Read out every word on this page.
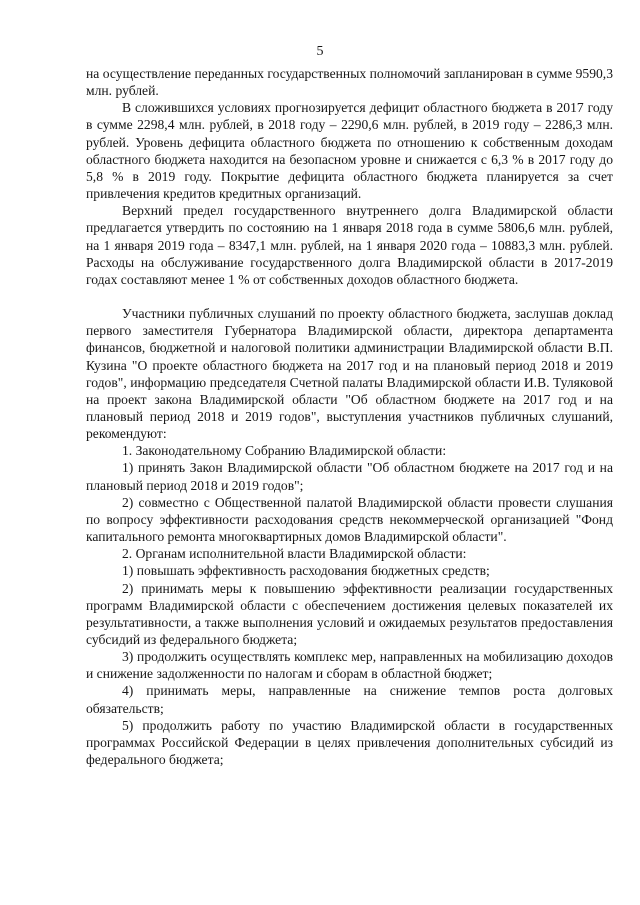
5

на осуществление переданных государственных полномочий запланирован в сумме 9590,3 млн. рублей.

В сложившихся условиях прогнозируется дефицит областного бюджета в 2017 году в сумме 2298,4 млн. рублей, в 2018 году – 2290,6 млн. рублей, в 2019 году – 2286,3 млн. рублей. Уровень дефицита областного бюджета по отношению к собственным доходам областного бюджета находится на безопасном уровне и снижается с 6,3 % в 2017 году до 5,8 % в 2019 году. Покрытие дефицита областного бюджета планируется за счет привлечения кредитов кредитных организаций.

Верхний предел государственного внутреннего долга Владимирской области предлагается утвердить по состоянию на 1 января 2018 года в сумме 5806,6 млн. рублей, на 1 января 2019 года – 8347,1 млн. рублей, на 1 января 2020 года – 10883,3 млн. рублей. Расходы на обслуживание государственного долга Владимирской области в 2017-2019 годах составляют менее 1 % от собственных доходов областного бюджета.

Участники публичных слушаний по проекту областного бюджета, заслушав доклад первого заместителя Губернатора Владимирской области, директора департамента финансов, бюджетной и налоговой политики администрации Владимирской области В.П. Кузина "О проекте областного бюджета на 2017 год и на плановый период 2018 и 2019 годов", информацию председателя Счетной палаты Владимирской области И.В. Туляковой на проект закона Владимирской области "Об областном бюджете на 2017 год и на плановый период 2018 и 2019 годов", выступления участников публичных слушаний, рекомендуют:

1. Законодательному Собранию Владимирской области:

1) принять Закон Владимирской области "Об областном бюджете на 2017 год и на плановый период 2018 и 2019 годов";

2) совместно с Общественной палатой Владимирской области провести слушания по вопросу эффективности расходования средств некоммерческой организацией "Фонд капитального ремонта многоквартирных домов Владимирской области".

2. Органам исполнительной власти Владимирской области:

1) повышать эффективность расходования бюджетных средств;

2) принимать меры к повышению эффективности реализации государственных программ Владимирской области с обеспечением достижения целевых показателей их результативности, а также выполнения условий и ожидаемых результатов предоставления субсидий из федерального бюджета;

3) продолжить осуществлять комплекс мер, направленных на мобилизацию доходов и снижение задолженности по налогам и сборам в областной бюджет;

4) принимать меры, направленные на снижение темпов роста долговых обязательств;

5) продолжить работу по участию Владимирской области в государственных программах Российской Федерации в целях привлечения дополнительных субсидий из федерального бюджета;
